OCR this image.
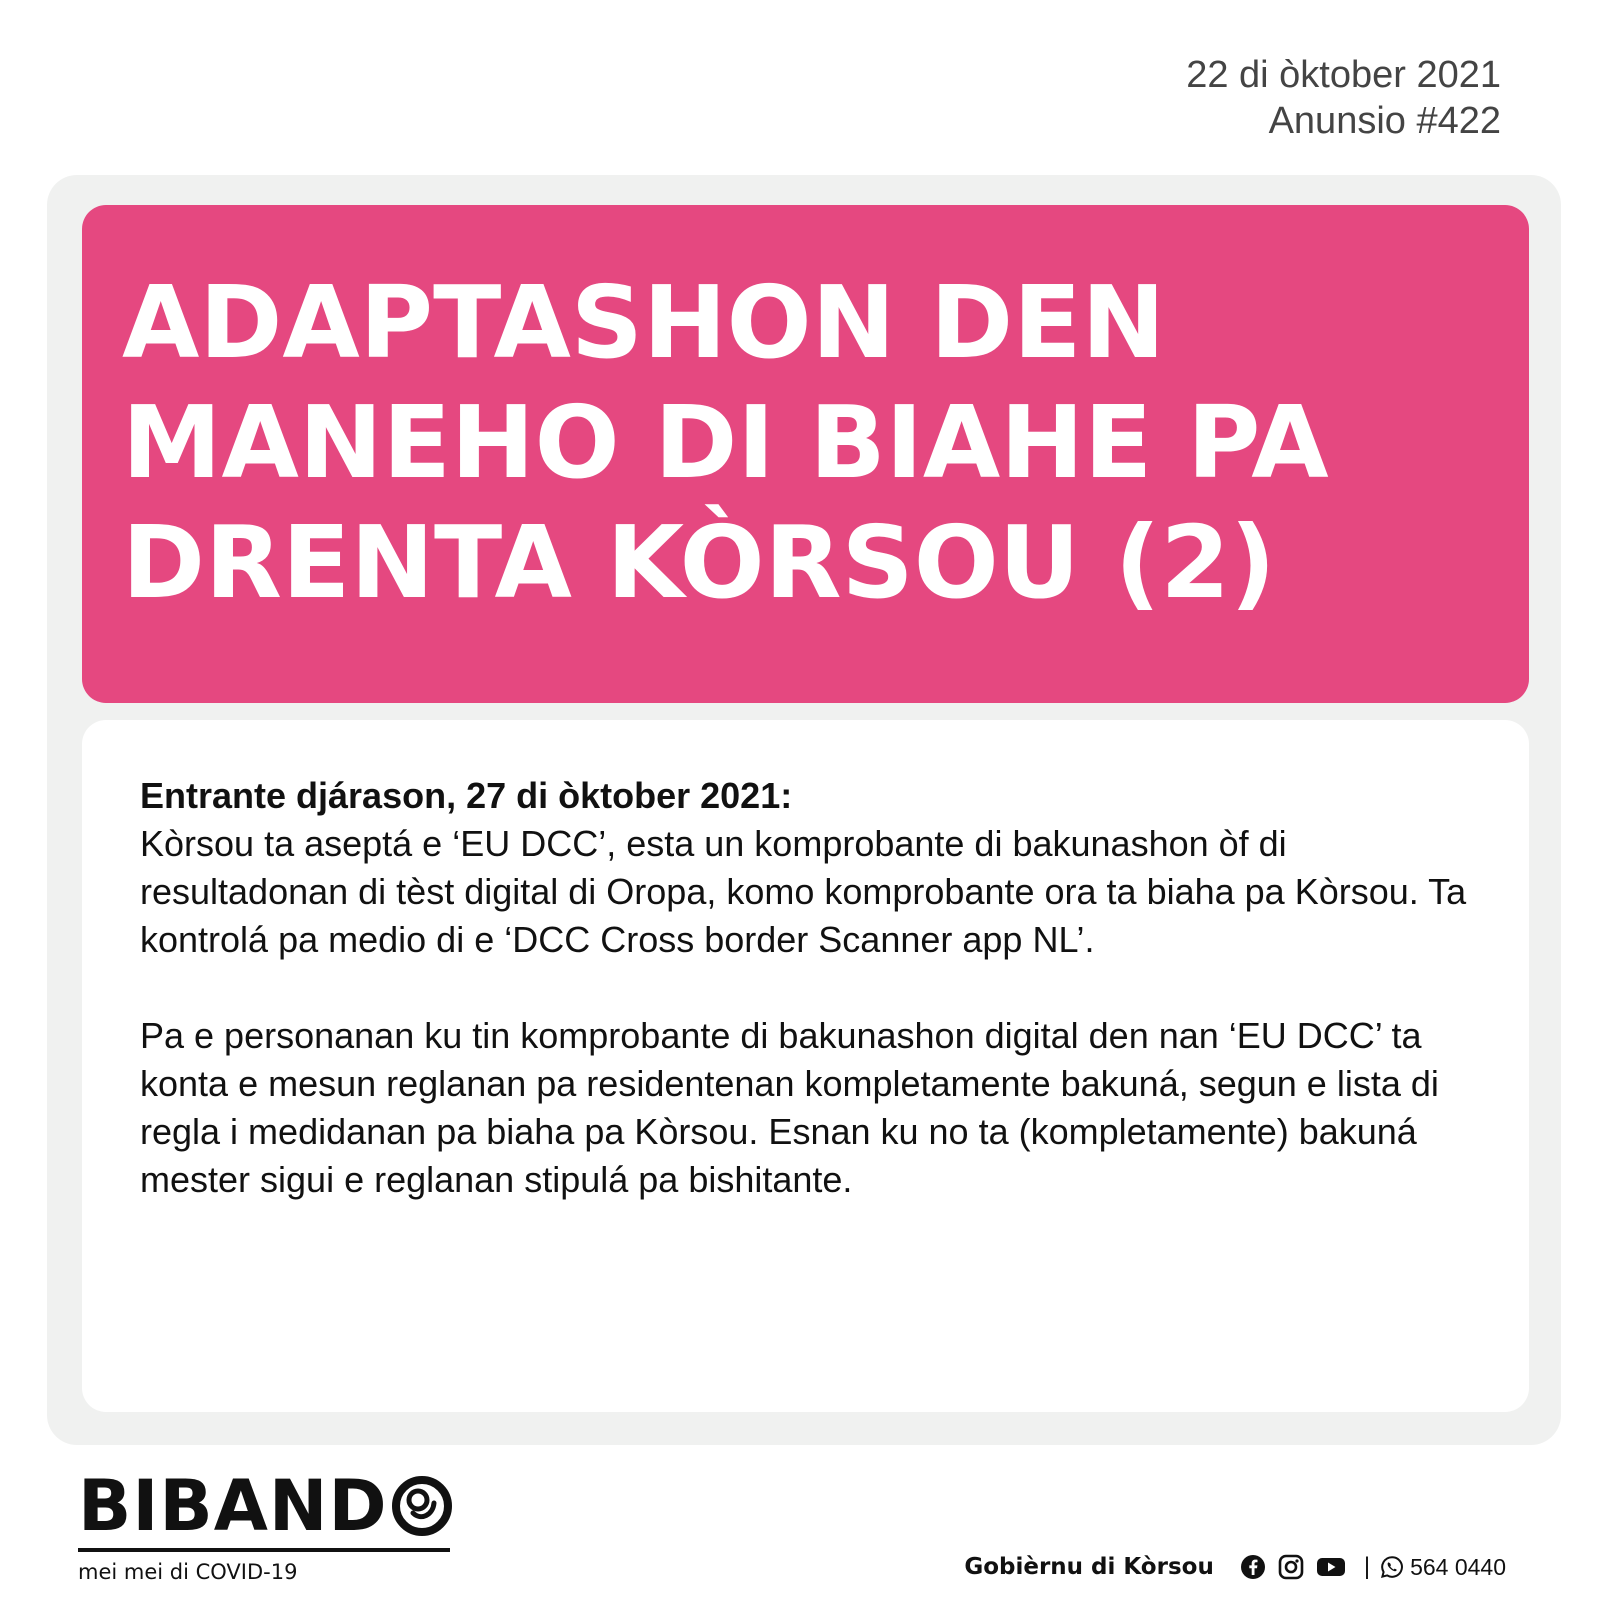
22 di òktober 2021
Anunsio #422
ADAPTASHON DEN
MANEHO DI BIAHE PA
DRENTA KÒRSOU (2)

Entrante djárason, 27 di òktober 2021:
Kòrsou ta aseptá e ‘EU DCC’, esta un komprobante di bakunashon òf di resultadonan di tèst digital di Oropa, komo komprobante ora ta biaha pa Kòrsou. Ta kontrolá pa medio di e ‘DCC Cross border Scanner app NL’.

Pa e personanan ku tin komprobante di bakunashon digital den nan ‘EU DCC’ ta konta e mesun reglanan pa residentenan kompletamente bakuná, segun e lista di regla i medidanan pa biaha pa Kòrsou. Esnan ku no ta (kompletamente) bakuná mester sigui e reglanan stipulá pa bishitante.

BIBAND
mei mei di COVID-19	Gobièrnu di Kòrsou	| 564 0440
